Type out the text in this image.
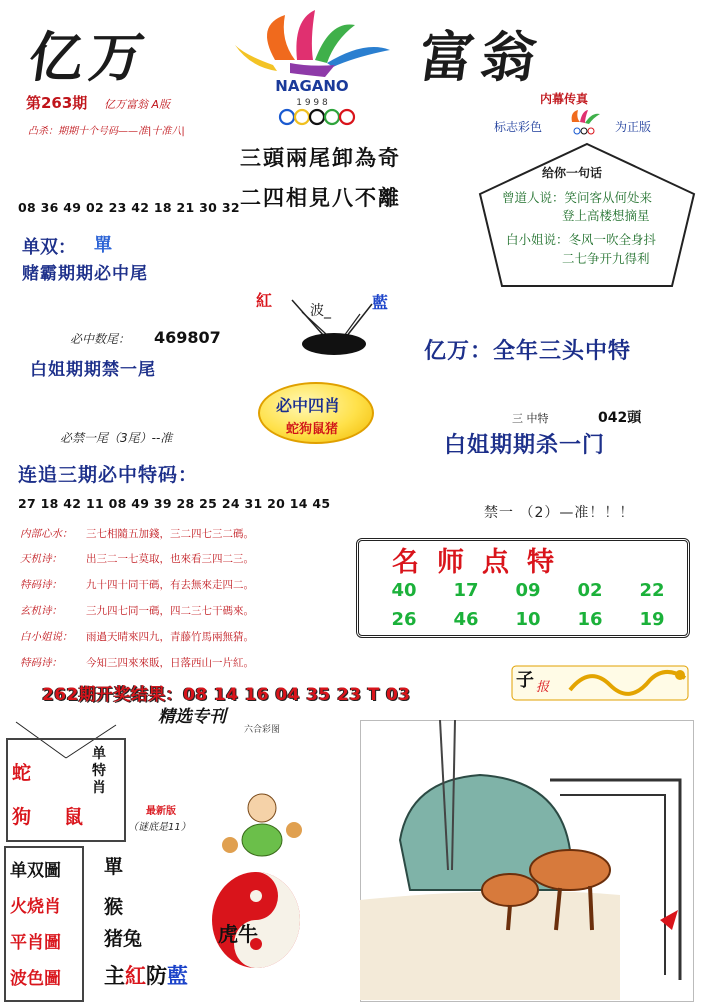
亿万	NAGANO
1 9 9 8
富翁
第263期 亿万富翁 A版
凸杀：期期十个号码——准|十准八|
内幕传真
标志彩色	为正版
三頭兩尾卸為奇
二四相見八不離
给你一句话
曾道人说：笑问客从何处来
登上高楼想摘星
白小姐说：冬风一吹全身抖
二七争开九得利
08 36 49 02 23 42 18 21 30 32
单双： 單
赌霸期期必中尾
紅
波_	藍
必中数尾： 469807
白姐期期禁一尾
亿万：全年三头中特
必中四肖
蛇狗鼠猪
三 中特	042頭
白姐期期杀一门
必禁一尾（3尾）--准
连追三期必中特码：
27 18 42 11 08 49 39 28 25 24 31 20 14 45
禁一 （2）—准！！！
内部心水： 三七相隨五加錢，三二四七三二碼。
天机诗： 出三二一七莫取，也來看三四二三。
特码诗： 九十四十同干碼，有去無來走四二。
玄机诗： 三九四七同一碼，四二三七干碼來。
白小姐说： 雨過天晴來四九，青藤竹馬兩無猜。
特码诗： 今知三四來來販，日落西山一片紅。
名师点特
40	17	09	02	22
26	46	10	16	19
262期开奖结果：08 14 16 04 35 23 T 03
子 报
精选专刊
六合彩图
蛇
狗 鼠
单特肖
最新版
（谜底是11）
单双圖
火烧肖
平肖圖
波色圖
單
猴
猪兔	虎牛
主紅防藍
